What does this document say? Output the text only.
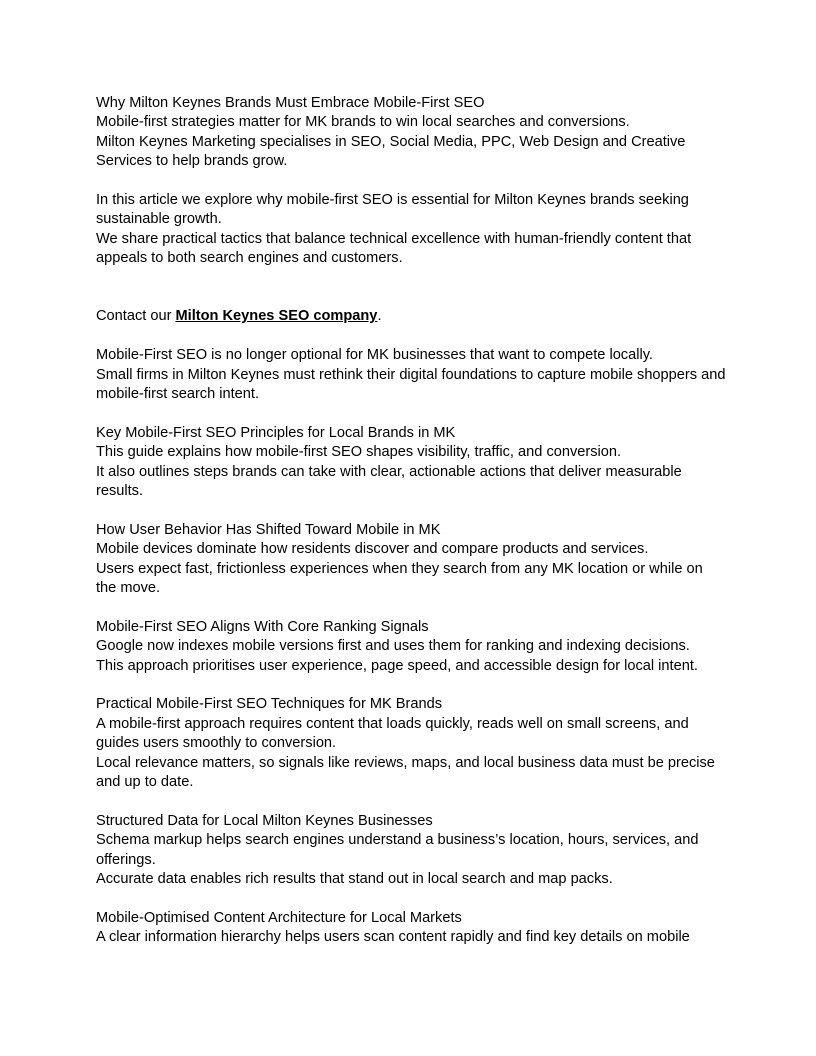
Why Milton Keynes Brands Must Embrace Mobile-First SEO
Mobile-first strategies matter for MK brands to win local searches and conversions.
Milton Keynes Marketing specialises in SEO, Social Media, PPC, Web Design and Creative Services to help brands grow.
In this article we explore why mobile-first SEO is essential for Milton Keynes brands seeking sustainable growth.
We share practical tactics that balance technical excellence with human-friendly content that appeals to both search engines and customers.
Contact our Milton Keynes SEO company.
Mobile-First SEO is no longer optional for MK businesses that want to compete locally.
Small firms in Milton Keynes must rethink their digital foundations to capture mobile shoppers and mobile-first search intent.
Key Mobile-First SEO Principles for Local Brands in MK
This guide explains how mobile-first SEO shapes visibility, traffic, and conversion.
It also outlines steps brands can take with clear, actionable actions that deliver measurable results.
How User Behavior Has Shifted Toward Mobile in MK
Mobile devices dominate how residents discover and compare products and services.
Users expect fast, frictionless experiences when they search from any MK location or while on the move.
Mobile-First SEO Aligns With Core Ranking Signals
Google now indexes mobile versions first and uses them for ranking and indexing decisions.
This approach prioritises user experience, page speed, and accessible design for local intent.
Practical Mobile-First SEO Techniques for MK Brands
A mobile-first approach requires content that loads quickly, reads well on small screens, and guides users smoothly to conversion.
Local relevance matters, so signals like reviews, maps, and local business data must be precise and up to date.
Structured Data for Local Milton Keynes Businesses
Schema markup helps search engines understand a business’s location, hours, services, and offerings.
Accurate data enables rich results that stand out in local search and map packs.
Mobile-Optimised Content Architecture for Local Markets
A clear information hierarchy helps users scan content rapidly and find key details on mobile
